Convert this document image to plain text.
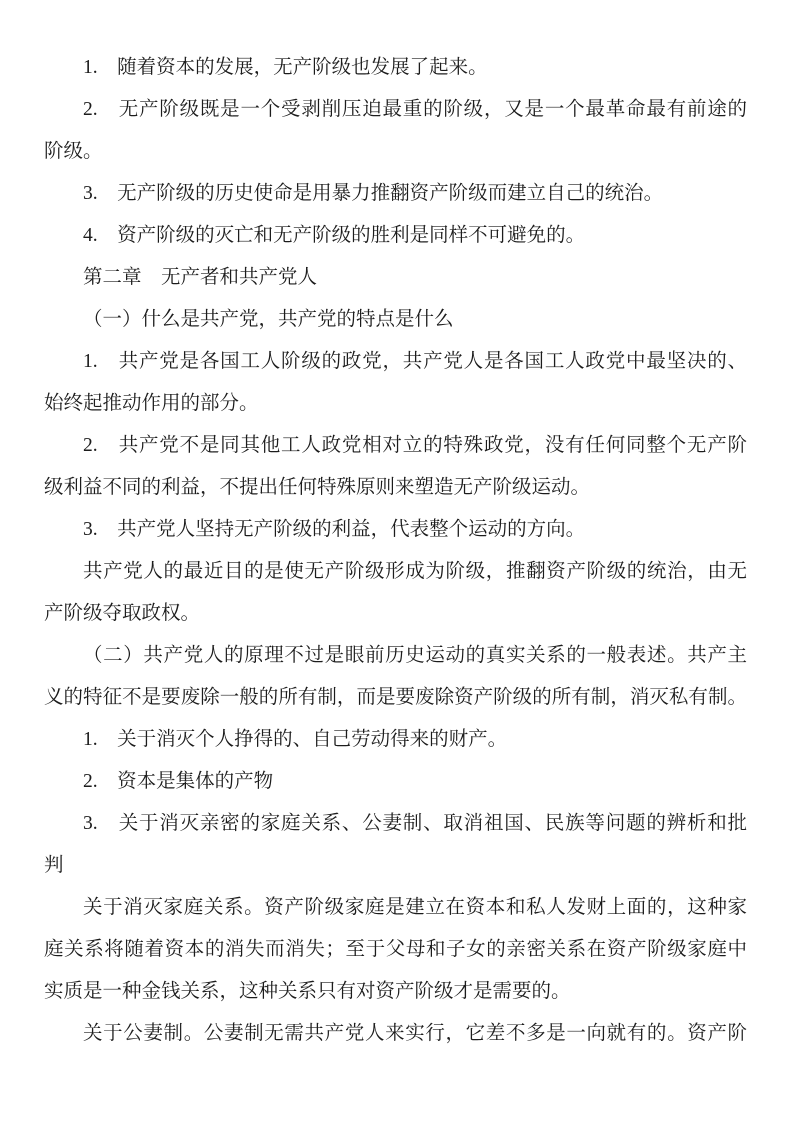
1.　随着资本的发展，无产阶级也发展了起来。
2.　无产阶级既是一个受剥削压迫最重的阶级，又是一个最革命最有前途的
阶级。
3.　无产阶级的历史使命是用暴力推翻资产阶级而建立自己的统治。
4.　资产阶级的灭亡和无产阶级的胜利是同样不可避免的。
第二章　无产者和共产党人
（一）什么是共产党，共产党的特点是什么
1.　共产党是各国工人阶级的政党，共产党人是各国工人政党中最坚决的、
始终起推动作用的部分。
2.　共产党不是同其他工人政党相对立的特殊政党，没有任何同整个无产阶
级利益不同的利益，不提出任何特殊原则来塑造无产阶级运动。
3.　共产党人坚持无产阶级的利益，代表整个运动的方向。
共产党人的最近目的是使无产阶级形成为阶级，推翻资产阶级的统治，由无
产阶级夺取政权。
（二）共产党人的原理不过是眼前历史运动的真实关系的一般表述。共产主
义的特征不是要废除一般的所有制，而是要废除资产阶级的所有制，消灭私有制。
1.　关于消灭个人挣得的、自己劳动得来的财产。
2.　资本是集体的产物
3.　关于消灭亲密的家庭关系、公妻制、取消祖国、民族等问题的辨析和批
判
关于消灭家庭关系。资产阶级家庭是建立在资本和私人发财上面的，这种家
庭关系将随着资本的消失而消失；至于父母和子女的亲密关系在资产阶级家庭中
实质是一种金钱关系，这种关系只有对资产阶级才是需要的。
关于公妻制。公妻制无需共产党人来实行，它差不多是一向就有的。资产阶
